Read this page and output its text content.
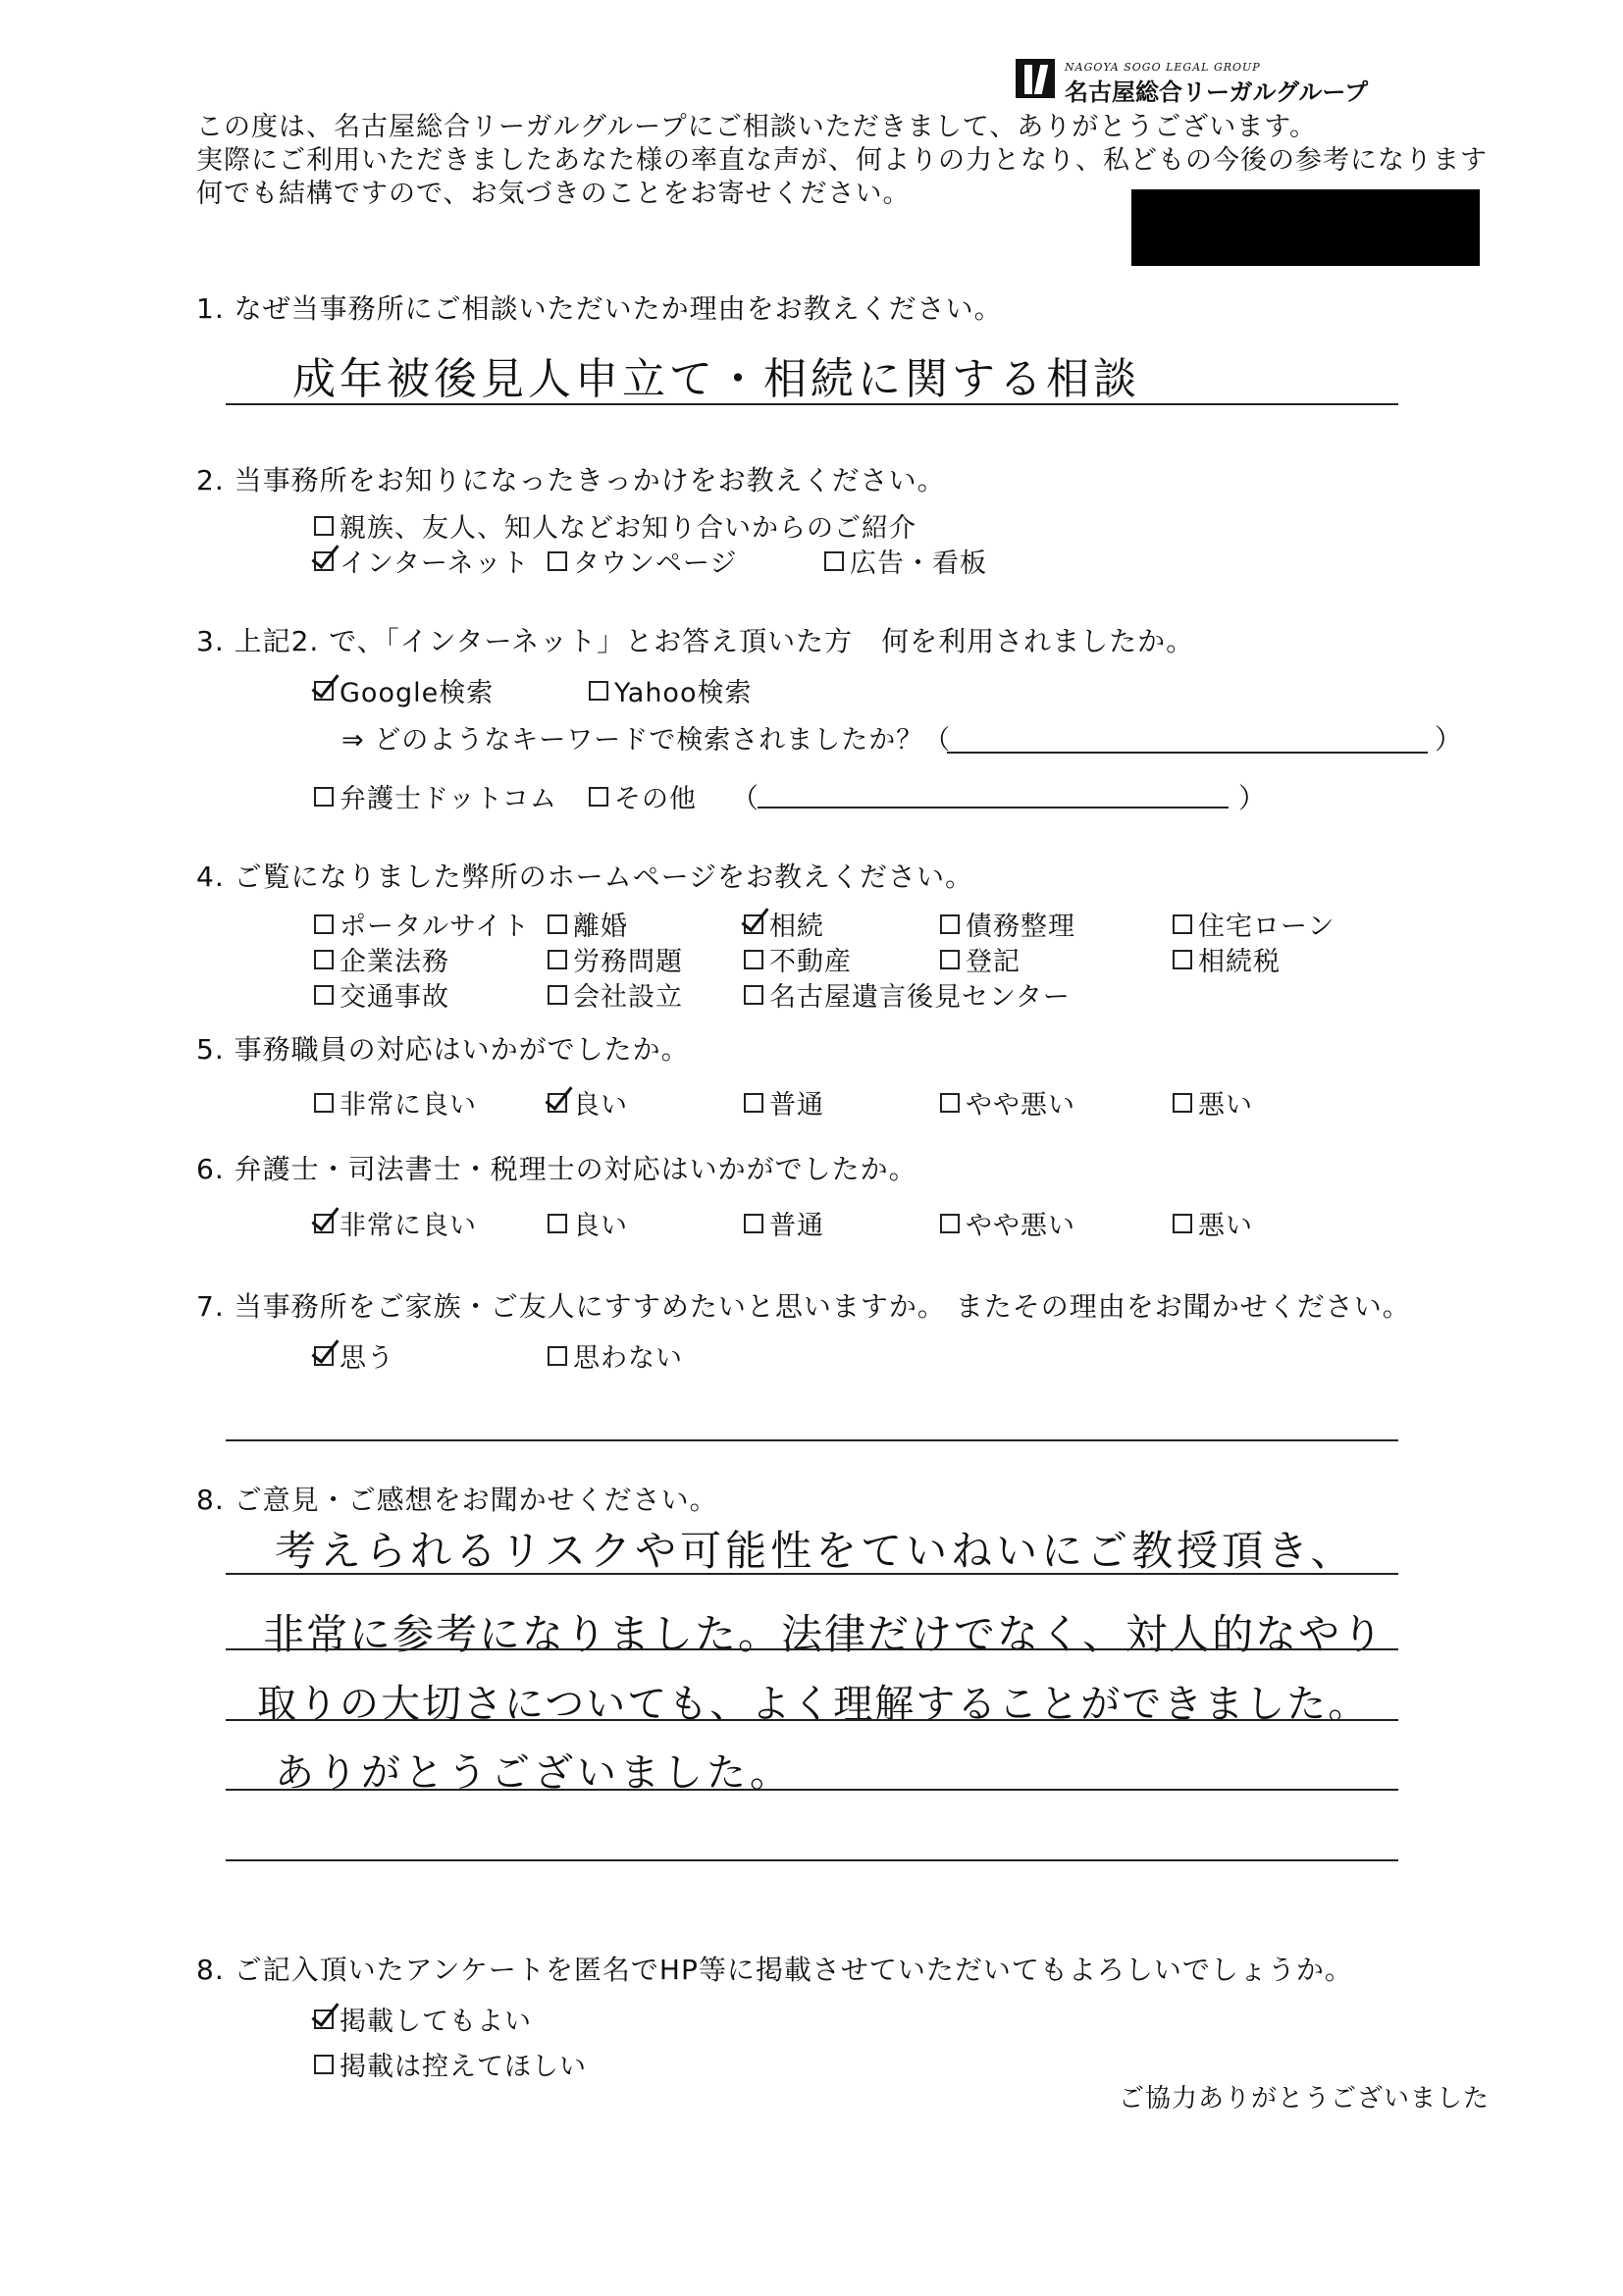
NAGOYA SOGO LEGAL GROUP
名古屋総合リーガルグループ
この度は、名古屋総合リーガルグループにご相談いただきまして、ありがとうございます。
実際にご利用いただきましたあなた様の率直な声が、何よりの力となり、私どもの今後の参考になります
何でも結構ですので、お気づきのことをお寄せください。
1. なぜ当事務所にご相談いただいたか理由をお教えください。
成年被後見人申立て・相続に関する相談
2. 当事務所をお知りになったきっかけをお教えください。
親族、友人、知人などお知り合いからのご紹介
インターネット タウンページ	広告・看板
3. 上記2. で、「インターネット」とお答え頂いた方　何を利用されましたか。
Google検索	Yahoo検索
⇒ どのようなキーワードで検索されましたか？（	）
弁護士ドットコム その他 （	）
4. ご覧になりました弊所のホームページをお教えください。
ポータルサイト 離婚	相続	債務整理	住宅ローン
企業法務	労務問題	不動産	登記	相続税
交通事故	会社設立	名古屋遺言後見センター
5. 事務職員の対応はいかがでしたか。
非常に良い	良い	普通	やや悪い	悪い
6. 弁護士・司法書士・税理士の対応はいかがでしたか。
非常に良い	良い	普通	やや悪い	悪い
7. 当事務所をご家族・ご友人にすすめたいと思いますか。 またその理由をお聞かせください。
思う	思わない
8. ご意見・ご感想をお聞かせください。
考えられるリスクや可能性をていねいにご教授頂き、
非常に参考になりました。法律だけでなく、対人的なやり
取りの大切さについても、よく理解することができました。
ありがとうございました。
8. ご記入頂いたアンケートを匿名でHP等に掲載させていただいてもよろしいでしょうか。
掲載してもよい
掲載は控えてほしい
ご協力ありがとうございました
